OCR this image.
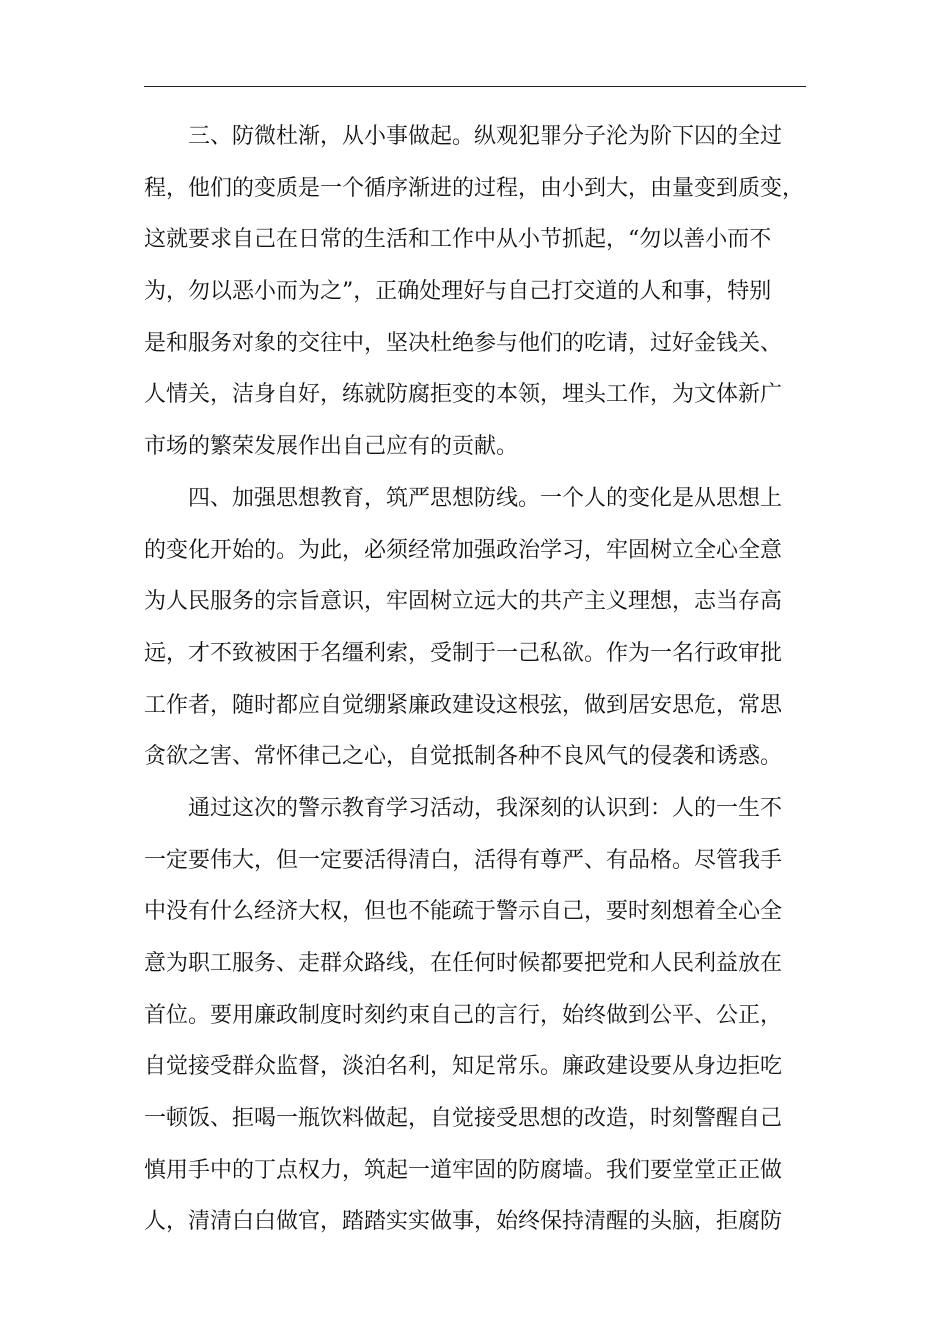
三、防微杜渐，从小事做起。纵观犯罪分子沦为阶下囚的全过
程，他们的变质是一个循序渐进的过程，由小到大，由量变到质变，
这就要求自己在日常的生活和工作中从小节抓起，“勿以善小而不
为，勿以恶小而为之”，正确处理好与自己打交道的人和事，特别
是和服务对象的交往中，坚决杜绝参与他们的吃请，过好金钱关、
人情关，洁身自好，练就防腐拒变的本领，埋头工作，为文体新广
市场的繁荣发展作出自己应有的贡献。
四、加强思想教育，筑严思想防线。一个人的变化是从思想上
的变化开始的。为此，必须经常加强政治学习，牢固树立全心全意
为人民服务的宗旨意识，牢固树立远大的共产主义理想，志当存高
远，才不致被困于名缰利索，受制于一己私欲。作为一名行政审批
工作者，随时都应自觉绷紧廉政建设这根弦，做到居安思危，常思
贪欲之害、常怀律己之心，自觉抵制各种不良风气的侵袭和诱惑。
通过这次的警示教育学习活动，我深刻的认识到：人的一生不
一定要伟大，但一定要活得清白，活得有尊严、有品格。尽管我手
中没有什么经济大权，但也不能疏于警示自己，要时刻想着全心全
意为职工服务、走群众路线，在任何时候都要把党和人民利益放在
首位。要用廉政制度时刻约束自己的言行，始终做到公平、公正，
自觉接受群众监督，淡泊名利，知足常乐。廉政建设要从身边拒吃
一顿饭、拒喝一瓶饮料做起，自觉接受思想的改造，时刻警醒自己
慎用手中的丁点权力，筑起一道牢固的防腐墙。我们要堂堂正正做
人，清清白白做官，踏踏实实做事，始终保持清醒的头脑，拒腐防
